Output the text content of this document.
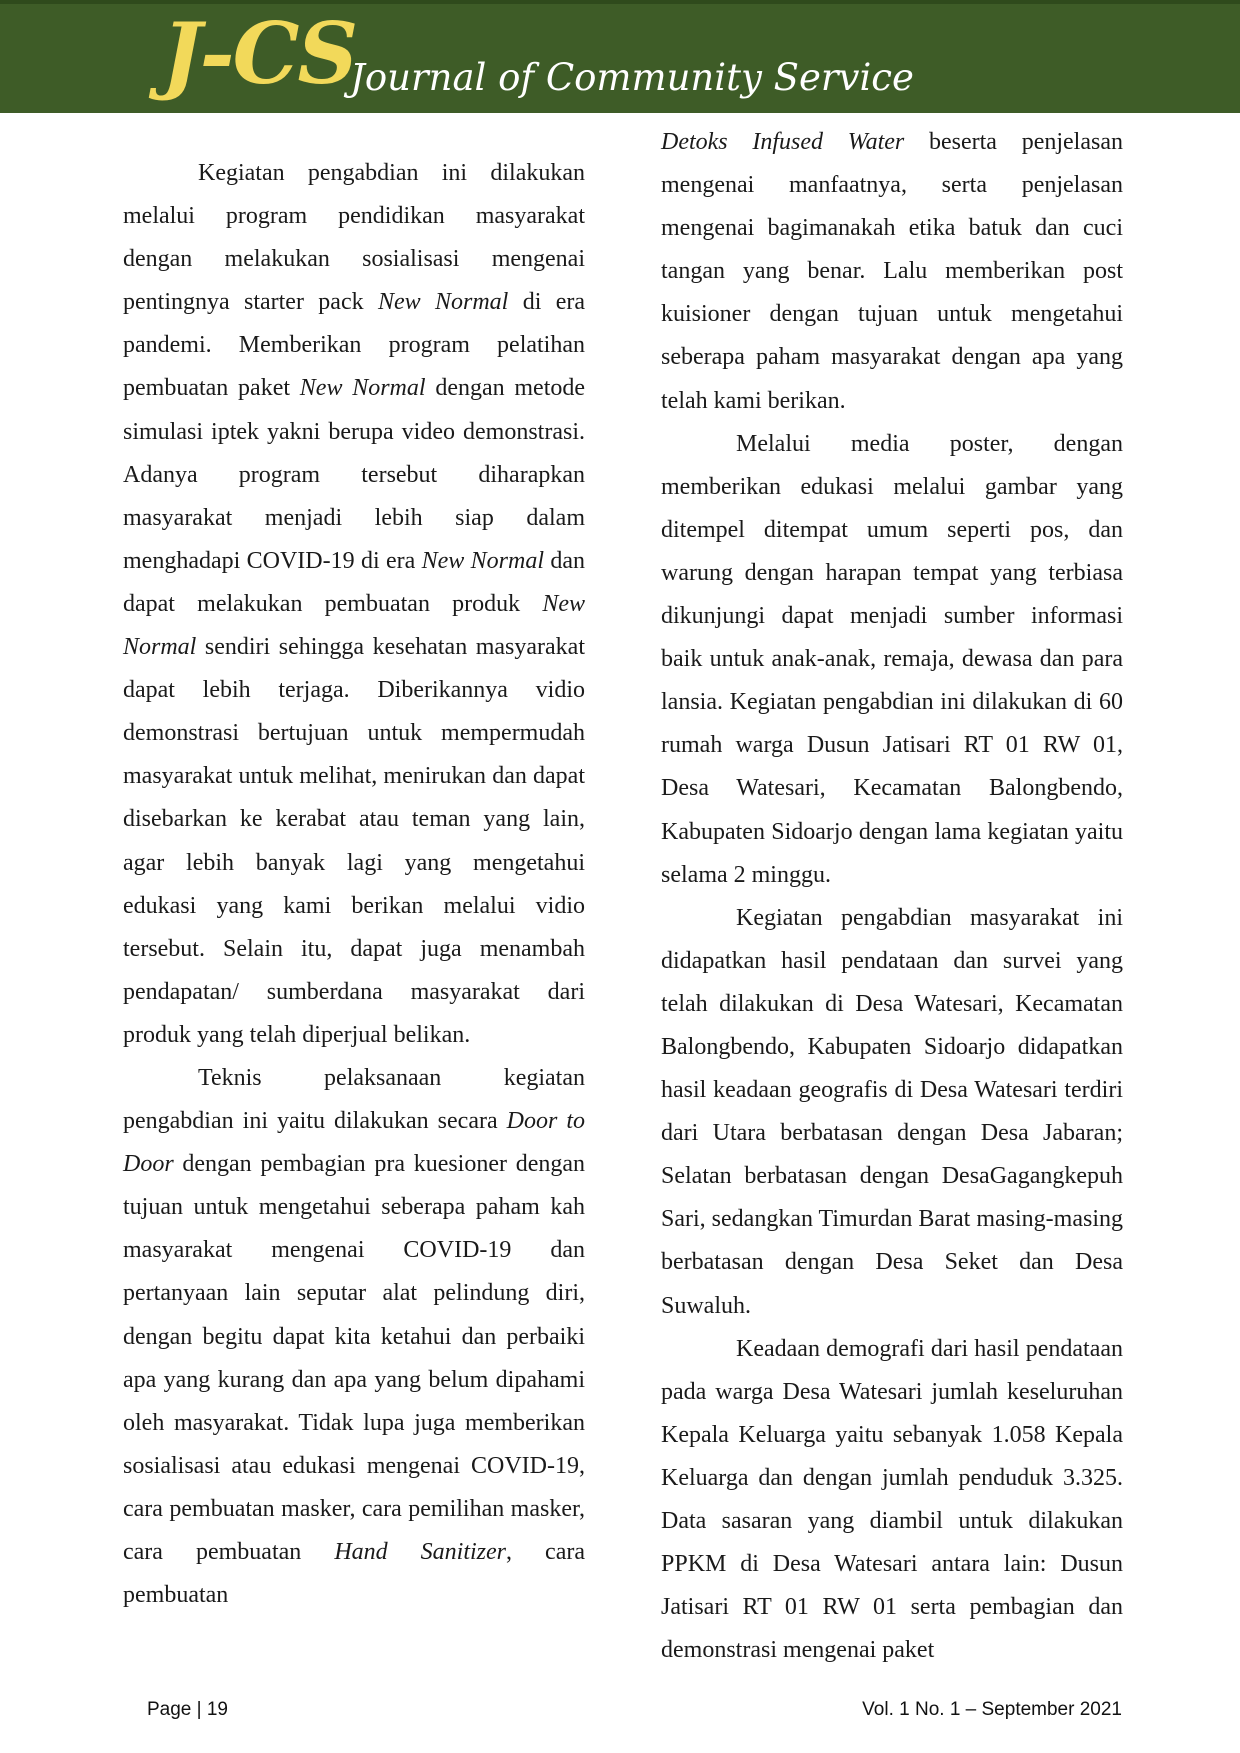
J-CS
Journal of Community Service

Kegiatan pengabdian ini dilakukan melalui program pendidikan masyarakat dengan melakukan sosialisasi mengenai pentingnya starter pack New Normal di era pandemi. Memberikan program pelatihan pembuatan paket New Normal dengan metode simulasi iptek yakni berupa video demonstrasi. Adanya program tersebut diharapkan masyarakat menjadi lebih siap dalam menghadapi COVID-19 di era New Normal dan dapat melakukan pembuatan produk New Normal sendiri sehingga kesehatan masyarakat dapat lebih terjaga. Diberikannya vidio demonstrasi bertujuan untuk mempermudah masyarakat untuk melihat, menirukan dan dapat disebarkan ke kerabat atau teman yang lain, agar lebih banyak lagi yang mengetahui edukasi yang kami berikan melalui vidio tersebut. Selain itu, dapat juga menambah pendapatan/ sumberdana masyarakat dari produk yang telah diperjual belikan.

Teknis pelaksanaan kegiatan pengabdian ini yaitu dilakukan secara Door to Door dengan pembagian pra kuesioner dengan tujuan untuk mengetahui seberapa paham kah masyarakat mengenai COVID-19 dan pertanyaan lain seputar alat pelindung diri, dengan begitu dapat kita ketahui dan perbaiki apa yang kurang dan apa yang belum dipahami oleh masyarakat. Tidak lupa juga memberikan sosialisasi atau edukasi mengenai COVID-19, cara pembuatan masker, cara pemilihan masker, cara pembuatan Hand Sanitizer, cara pembuatan

Detoks Infused Water beserta penjelasan mengenai manfaatnya, serta penjelasan mengenai bagimanakah etika batuk dan cuci tangan yang benar. Lalu memberikan post kuisioner dengan tujuan untuk mengetahui seberapa paham masyarakat dengan apa yang telah kami berikan.

Melalui media poster, dengan memberikan edukasi melalui gambar yang ditempel ditempat umum seperti pos, dan warung dengan harapan tempat yang terbiasa dikunjungi dapat menjadi sumber informasi baik untuk anak-anak, remaja, dewasa dan para lansia. Kegiatan pengabdian ini dilakukan di 60 rumah warga Dusun Jatisari RT 01 RW 01, Desa Watesari, Kecamatan Balongbendo, Kabupaten Sidoarjo dengan lama kegiatan yaitu selama 2 minggu.

Kegiatan pengabdian masyarakat ini didapatkan hasil pendataan dan survei yang telah dilakukan di Desa Watesari, Kecamatan Balongbendo, Kabupaten Sidoarjo didapatkan hasil keadaan geografis di Desa Watesari terdiri dari Utara berbatasan dengan Desa Jabaran; Selatan berbatasan dengan DesaGagangkepuh Sari, sedangkan Timurdan Barat masing-masing berbatasan dengan Desa Seket dan Desa Suwaluh.

Keadaan demografi dari hasil pendataan pada warga Desa Watesari jumlah keseluruhan Kepala Keluarga yaitu sebanyak 1.058 Kepala Keluarga dan dengan jumlah penduduk 3.325. Data sasaran yang diambil untuk dilakukan PPKM di Desa Watesari antara lain: Dusun Jatisari RT 01 RW 01 serta pembagian dan demonstrasi mengenai paket

Page | 19	Vol. 1 No. 1 – September 2021
